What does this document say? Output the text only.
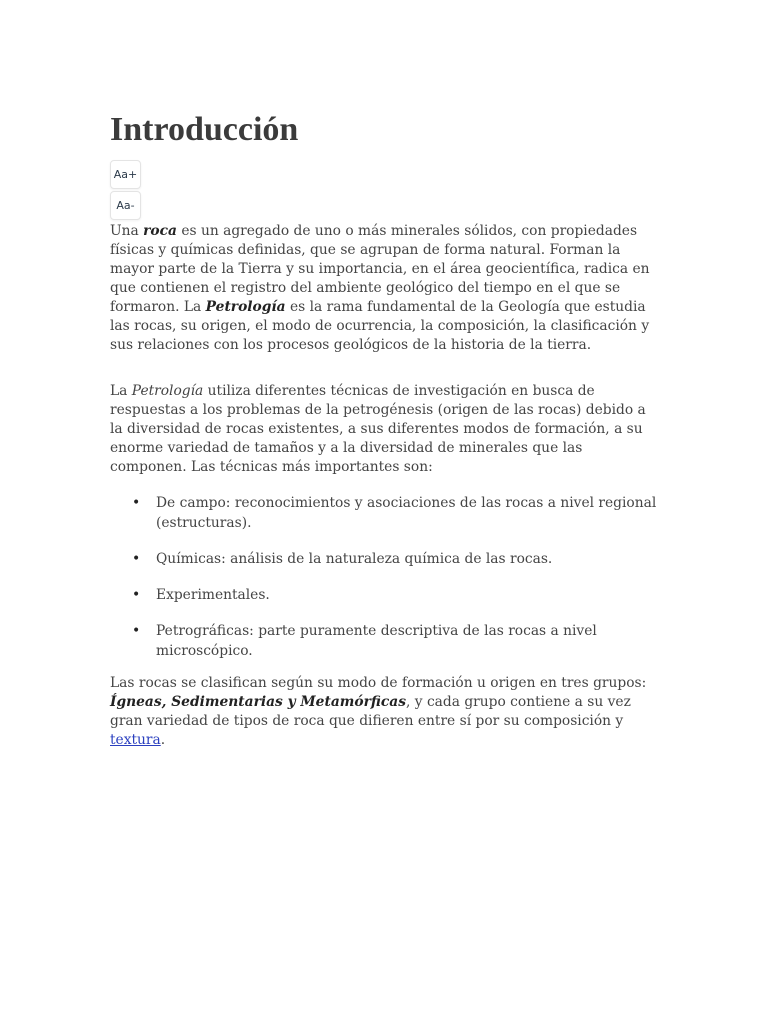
Introducción
Aa+
Aa-

Una roca es un agregado de uno o más minerales sólidos, con propiedades físicas y químicas definidas, que se agrupan de forma natural. Forman la mayor parte de la Tierra y su importancia, en el área geocientífica, radica en que contienen el registro del ambiente geológico del tiempo en el que se formaron. La Petrología es la rama fundamental de la Geología que estudia las rocas, su origen, el modo de ocurrencia, la composición, la clasificación y sus relaciones con los procesos geológicos de la historia de la tierra.

La Petrología utiliza diferentes técnicas de investigación en busca de respuestas a los problemas de la petrogénesis (origen de las rocas) debido a la diversidad de rocas existentes, a sus diferentes modos de formación, a su enorme variedad de tamaños y a la diversidad de minerales que las componen. Las técnicas más importantes son:

• De campo: reconocimientos y asociaciones de las rocas a nivel regional (estructuras).
• Químicas: análisis de la naturaleza química de las rocas.
• Experimentales.
• Petrográficas: parte puramente descriptiva de las rocas a nivel microscópico.

Las rocas se clasifican según su modo de formación u origen en tres grupos: Ígneas, Sedimentarias y Metamórficas, y cada grupo contiene a su vez gran variedad de tipos de roca que difieren entre sí por su composición y textura.
